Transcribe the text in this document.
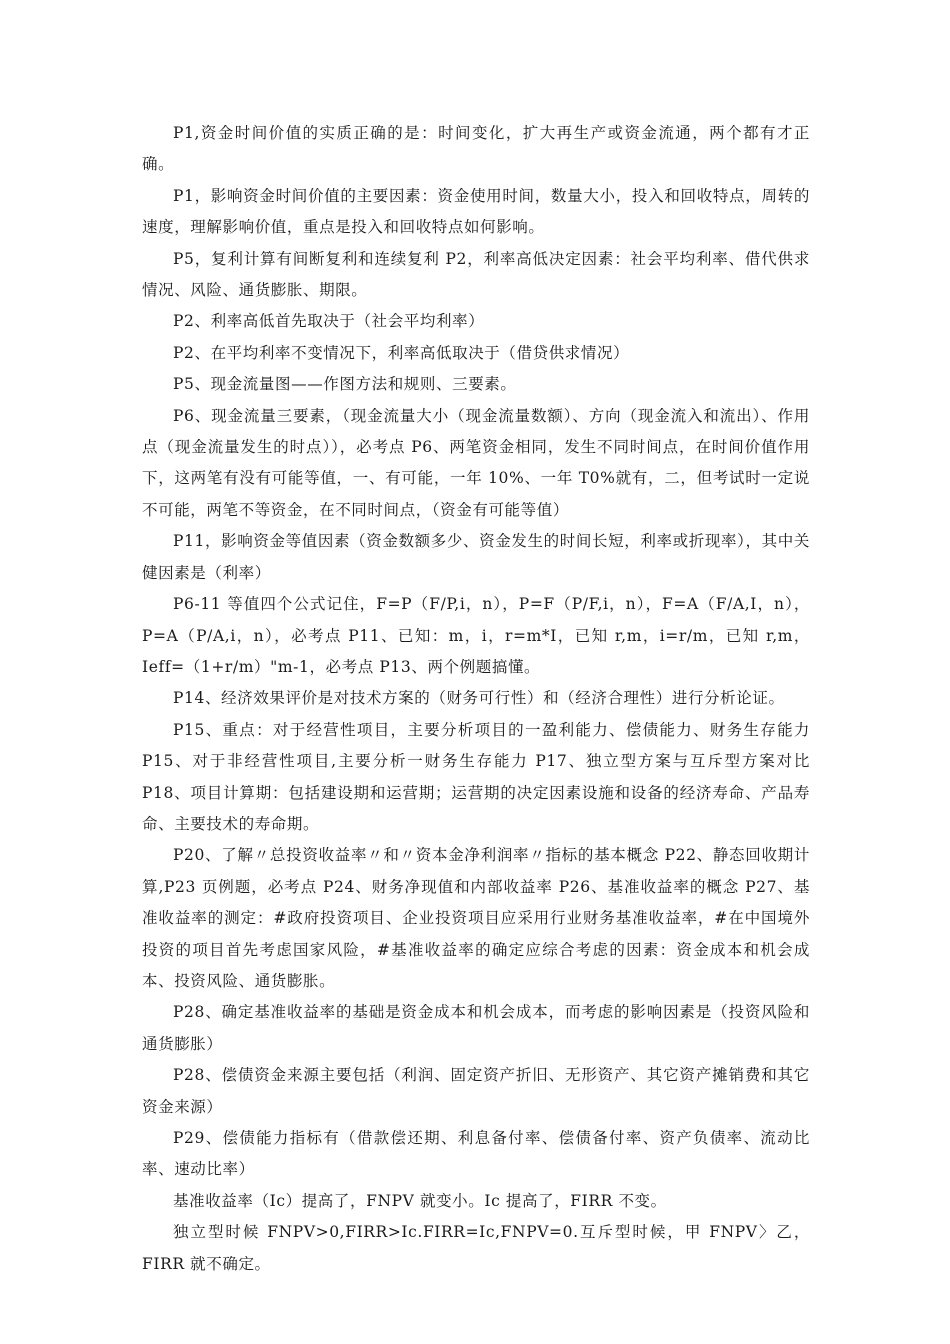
P1,资金时间价值的实质正确的是：时间变化，扩大再生产或资金流通，两个都有才正确。

P1，影响资金时间价值的主要因素：资金使用时间，数量大小，投入和回收特点，周转的速度，理解影响价值，重点是投入和回收特点如何影响。

P5，复利计算有间断复利和连续复利 P2，利率高低决定因素：社会平均利率、借代供求情况、风险、通货膨胀、期限。

P2、利率高低首先取决于（社会平均利率）

P2、在平均利率不变情况下，利率高低取决于（借贷供求情况）

P5、现金流量图——作图方法和规则、三要素。

P6、现金流量三要素，（现金流量大小（现金流量数额）、方向（现金流入和流出）、作用点（现金流量发生的时点）），必考点 P6、两笔资金相同，发生不同时间点，在时间价值作用下，这两笔有没有可能等值，一、有可能，一年 10%、一年 T0%就有，二，但考试时一定说不可能，两笔不等资金，在不同时间点，（资金有可能等值）

P11，影响资金等值因素（资金数额多少、资金发生的时间长短，利率或折现率），其中关健因素是（利率）

P6-11 等值四个公式记住，F=P（F/P,i，n），P=F（P/F,i，n），F=A（F/A,I，n），P=A（P/A,i，n），必考点 P11、已知：m，i，r=m*I，已知 r,m，i=r/m，已知 r,m，Ieff=（1+r/m）"m-1，必考点 P13、两个例题搞懂。

P14、经济效果评价是对技术方案的（财务可行性）和（经济合理性）进行分析论证。

P15、重点：对于经营性项目，主要分析项目的一盈利能力、偿债能力、财务生存能力 P15、对于非经营性项目,主要分析一财务生存能力 P17、独立型方案与互斥型方案对比 P18、项目计算期：包括建设期和运营期；运营期的决定因素设施和设备的经济寿命、产品寿命、主要技术的寿命期。

P20、了解〃总投资收益率〃和〃资本金净利润率〃指标的基本概念 P22、静态回收期计算,P23 页例题，必考点 P24、财务净现值和内部收益率 P26、基准收益率的概念 P27、基准收益率的测定：#政府投资项目、企业投资项目应采用行业财务基准收益率，#在中国境外投资的项目首先考虑国家风险，#基准收益率的确定应综合考虑的因素：资金成本和机会成本、投资风险、通货膨胀。

P28、确定基准收益率的基础是资金成本和机会成本，而考虑的影响因素是（投资风险和通货膨胀）

P28、偿债资金来源主要包括（利润、固定资产折旧、无形资产、其它资产摊销费和其它资金来源）

P29、偿债能力指标有（借款偿还期、利息备付率、偿债备付率、资产负债率、流动比率、速动比率）

基准收益率（Ic）提高了，FNPV 就变小。Ic 提高了，FIRR 不变。

独立型时候 FNPV>0,FIRR>Ic.FIRR=Ic,FNPV=0.互斥型时候，甲 FNPV〉乙，FIRR 就不确定。
